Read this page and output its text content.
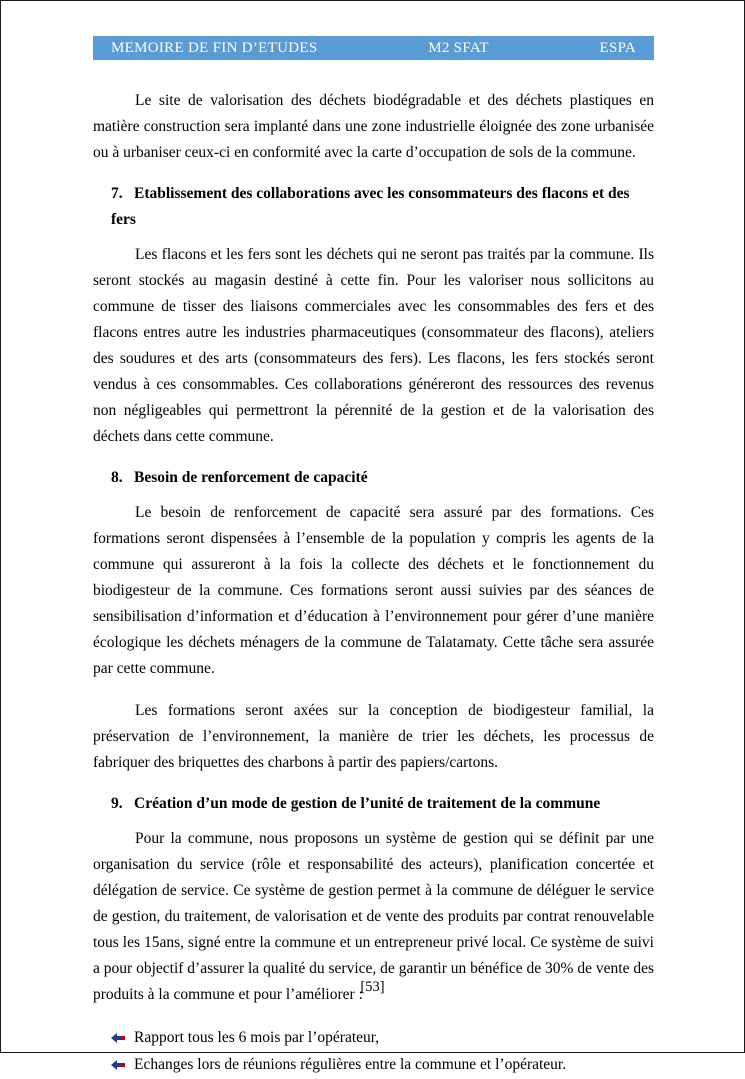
MEMOIRE DE FIN D’ETUDES	M2 SFAT	ESPA

Le site de valorisation des déchets biodégradable et des déchets plastiques en matière construction sera implanté dans une zone industrielle éloignée des zone urbanisée ou à urbaniser ceux-ci en conformité avec la carte d’occupation de sols de la commune.

7. Etablissement des collaborations avec les consommateurs des flacons et des fers

Les flacons et les fers sont les déchets qui ne seront pas traités par la commune. Ils seront stockés au magasin destiné à cette fin. Pour les valoriser nous sollicitons au commune de tisser des liaisons commerciales avec les consommables des fers et des flacons entres autre les industries pharmaceutiques (consommateur des flacons), ateliers des soudures et des arts (consommateurs des fers). Les flacons, les fers stockés seront vendus à ces consommables. Ces collaborations généreront des ressources des revenus non négligeables qui permettront la pérennité de la gestion et de la valorisation des déchets dans cette commune.

8. Besoin de renforcement de capacité

Le besoin de renforcement de capacité sera assuré par des formations. Ces formations seront dispensées à l’ensemble de la population y compris les agents de la commune qui assureront à la fois la collecte des déchets et le fonctionnement du biodigesteur de la commune. Ces formations seront aussi suivies par des séances de sensibilisation d’information et d’éducation à l’environnement pour gérer d’une manière écologique les déchets ménagers de la commune de Talatamaty. Cette tâche sera assurée par cette commune.

Les formations seront axées sur la conception de biodigesteur familial, la préservation de l’environnement, la manière de trier les déchets, les processus de fabriquer des briquettes des charbons à partir des papiers/cartons.

9. Création d’un mode de gestion de l’unité de traitement de la commune

Pour la commune, nous proposons un système de gestion qui se définit par une organisation du service (rôle et responsabilité des acteurs), planification concertée et délégation de service. Ce système de gestion permet à la commune de déléguer le service de gestion, du traitement, de valorisation et de vente des produits par contrat renouvelable tous les 15ans, signé entre la commune et un entrepreneur privé local. Ce système de suivi a pour objectif d’assurer la qualité du service, de garantir un bénéfice de 30% de vente des produits à la commune et pour l’améliorer :

Rapport tous les 6 mois par l’opérateur,
Echanges lors de réunions régulières entre la commune et l’opérateur.
[53]
